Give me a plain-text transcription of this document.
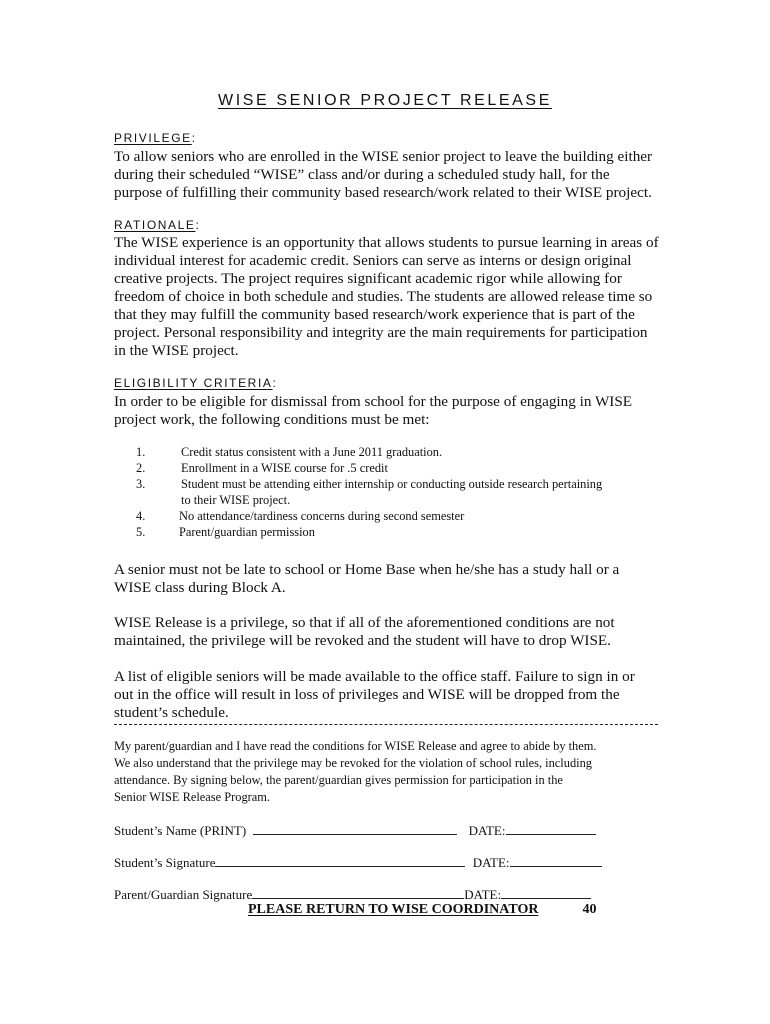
WISE SENIOR PROJECT RELEASE
PRIVILEGE:

To allow seniors who are enrolled in the WISE senior project to leave the building either
during their scheduled “WISE” class and/or during a scheduled study hall, for the
purpose of fulfilling their community based research/work related to their WISE project.

RATIONALE:

The WISE experience is an opportunity that allows students to pursue learning in areas of
individual interest for academic credit. Seniors can serve as interns or design original
creative projects. The project requires significant academic rigor while allowing for
freedom of choice in both schedule and studies. The students are allowed release time so
that they may fulfill the community based research/work experience that is part of the
project. Personal responsibility and integrity are the main requirements for participation
in the WISE project.

ELIGIBILITY CRITERIA:

In order to be eligible for dismissal from school for the purpose of engaging in WISE
project work, the following conditions must be met:

1.	Credit status consistent with a June 2011 graduation.
2.	Enrollment in a WISE course for .5 credit
3.	Student must be attending either internship or conducting outside research pertaining
to their WISE project.
4.	No attendance/tardiness concerns during second semester
5.	Parent/guardian permission

A senior must not be late to school or Home Base when he/she has a study hall or a
WISE class during Block A.

WISE Release is a privilege, so that if all of the aforementioned conditions are not
maintained, the privilege will be revoked and the student will have to drop WISE.

A list of eligible seniors will be made available to the office staff. Failure to sign in or
out in the office will result in loss of privileges and WISE will be dropped from the
student’s schedule.

My parent/guardian and I have read the conditions for WISE Release and agree to abide by them.
We also understand that the privilege may be revoked for the violation of school rules, including
attendance. By signing below, the parent/guardian gives permission for participation in the
Senior WISE Release Program.

Student’s Name (PRINT)	DATE:
Student’s Signature	DATE:
Parent/Guardian Signature	DATE:
PLEASE RETURN TO WISE COORDINATOR	40
